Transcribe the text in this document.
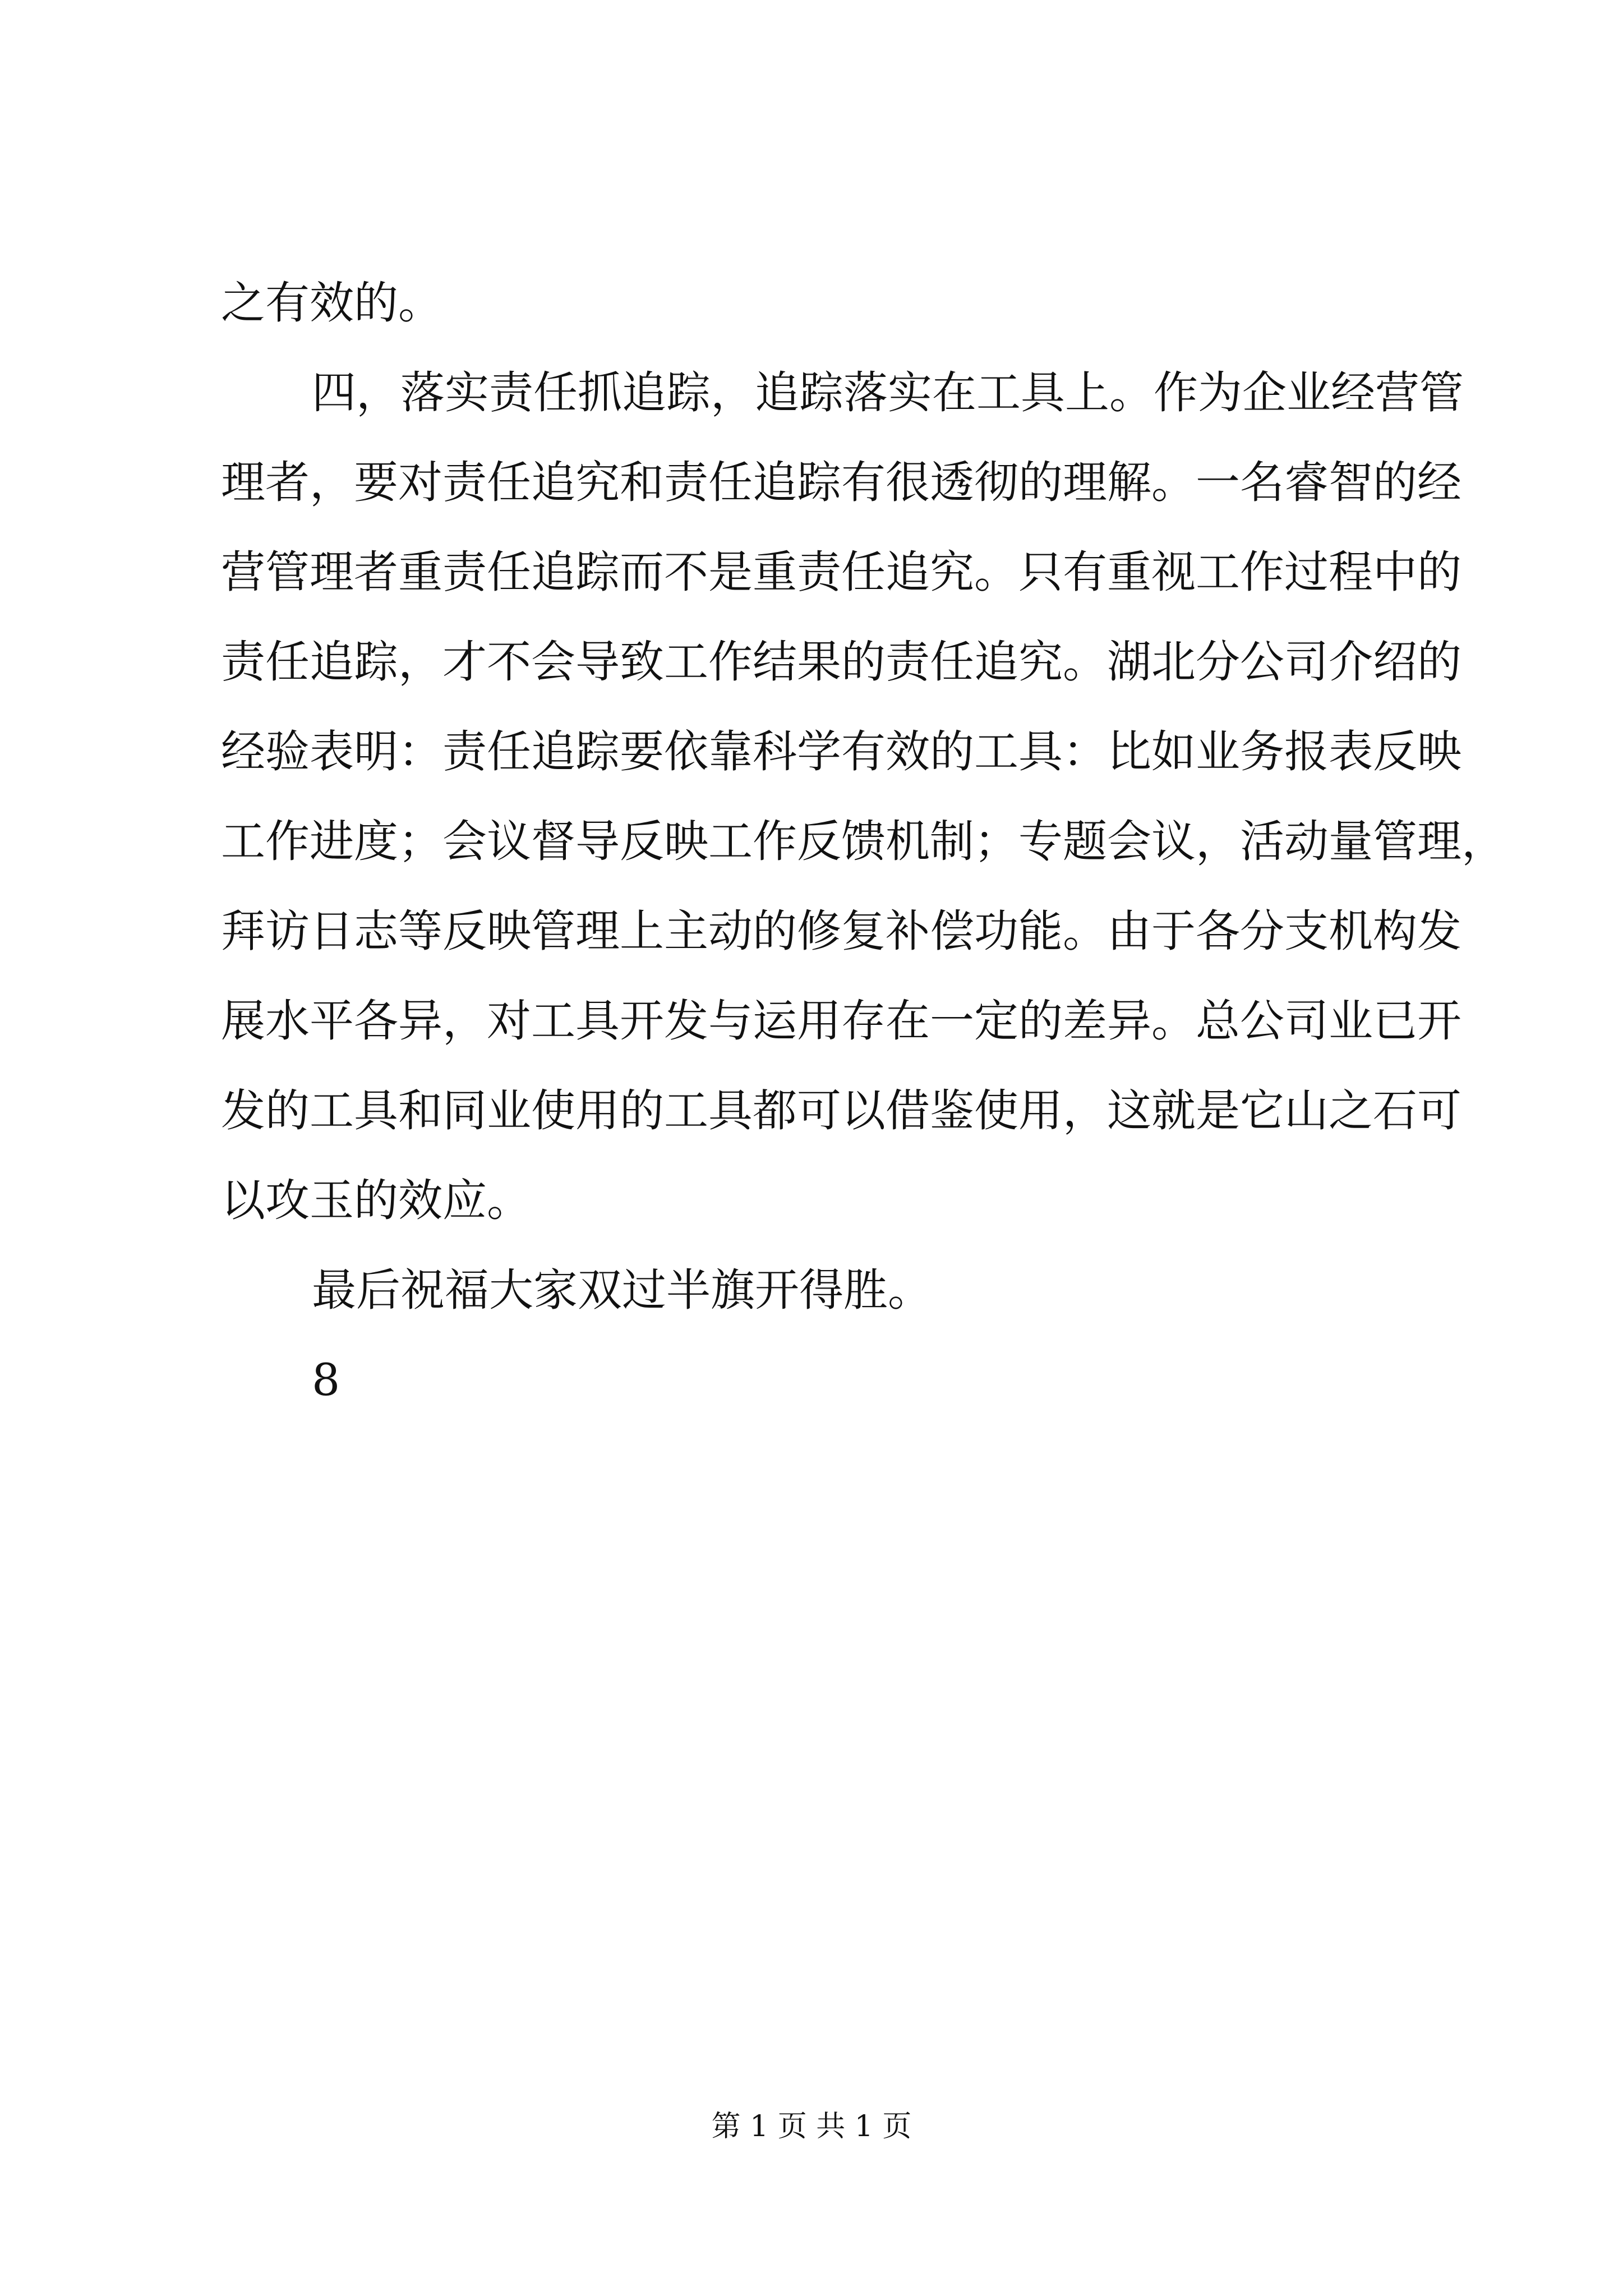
之有效的。
四，落实责任抓追踪，追踪落实在工具上。作为企业经营管
理者，要对责任追究和责任追踪有很透彻的理解。一名睿智的经
营管理者重责任追踪而不是重责任追究。只有重视工作过程中的
责任追踪，才不会导致工作结果的责任追究。湖北分公司介绍的
经验表明：责任追踪要依靠科学有效的工具：比如业务报表反映
工作进度；会议督导反映工作反馈机制；专题会议，活动量管理，
拜访日志等反映管理上主动的修复补偿功能。由于各分支机构发
展水平各异，对工具开发与运用存在一定的差异。总公司业已开
发的工具和同业使用的工具都可以借鉴使用，这就是它山之石可
以攻玉的效应。
最后祝福大家双过半旗开得胜。
8
第 1 页 共 1 页
